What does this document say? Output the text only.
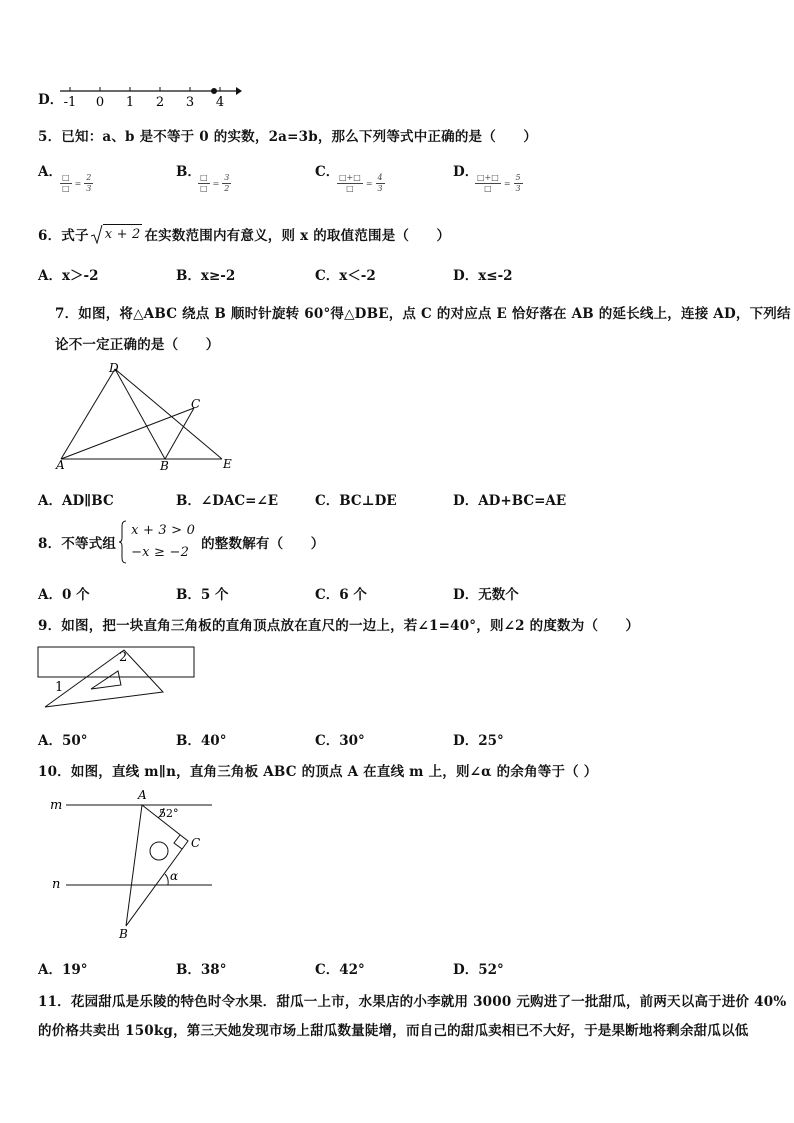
D． -1 0 1 2 3 4
5．已知：a、b 是不等于 0 的实数，2a=3b，那么下列等式中正确的是（　　）
A．
$\frac{□}{□} = \frac{2}{3}$
B．
$\frac{□}{□} = \frac{3}{2}$
C．
$\frac{□+□}{□} = \frac{4}{3}$
D．
$\frac{□+□}{□} = \frac{5}{3}$
6．式子 x + 2 在实数范围内有意义，则 x 的取值范围是（　　）
A．x＞-2	B．x≥-2	C．x＜-2	D．x≤-2
7．如图，将△ABC 绕点 B 顺时针旋转 60°得△DBE，点 C 的对应点 E 恰好落在 AB 的延长线上，连接 AD，下列结
论不一定正确的是（　　）
D
C
A	B	E
A．AD∥BC	B．∠DAC=∠E	C．BC⊥DE	D．AD+BC=AE
8．不等式组
x + 3 > 0
−x ≥ −2
的整数解有（　　）
A．0 个	B．5 个	C．6 个	D．无数个
9．如图，把一块直角三角板的直角顶点放在直尺的一边上，若∠1=40°，则∠2 的度数为（　　）
1
2
A．50°	B．40°	C．30°	D．25°
10．如图，直线 m∥n，直角三角板 ABC 的顶点 A 在直线 m 上，则∠α 的余角等于（ ）
m
n
A
B
C
52°
α
A．19°	B．38°	C．42°	D．52°
11．花园甜瓜是乐陵的特色时令水果．甜瓜一上市，水果店的小李就用 3000 元购进了一批甜瓜，前两天以高于进价 40%
的价格共卖出 150kg，第三天她发现市场上甜瓜数量陡增，而自己的甜瓜卖相已不大好，于是果断地将剩余甜瓜以低
